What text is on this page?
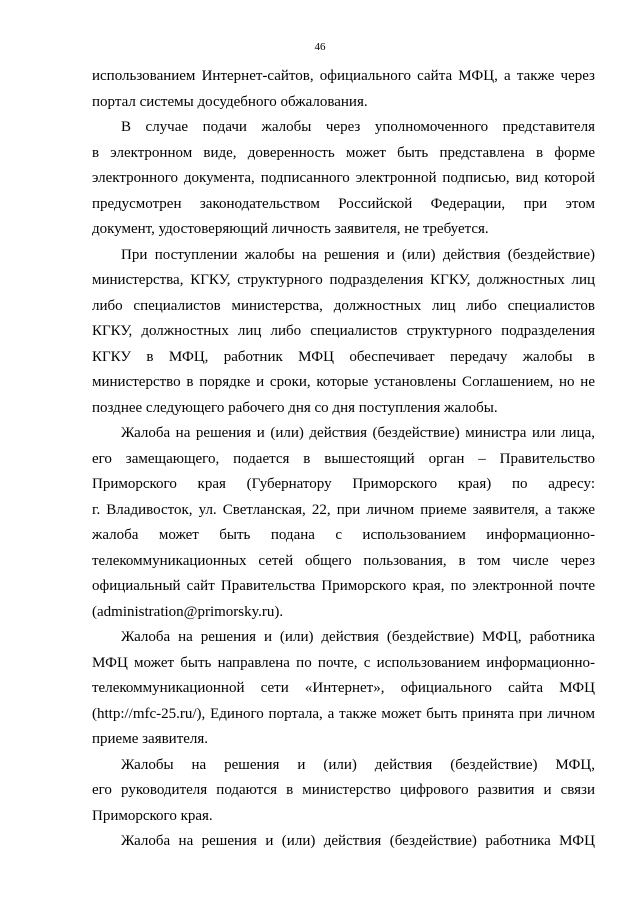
46
использованием Интернет-сайтов, официального сайта МФЦ, а также через
портал системы досудебного обжалования.
В случае подачи жалобы через уполномоченного представителя
в электронном виде, доверенность может быть представлена в форме
электронного документа, подписанного электронной подписью, вид которой
предусмотрен законодательством Российской Федерации, при этом
документ, удостоверяющий личность заявителя, не требуется.
При поступлении жалобы на решения и (или) действия (бездействие)
министерства, КГКУ, структурного подразделения КГКУ, должностных лиц
либо специалистов министерства, должностных лиц либо специалистов
КГКУ, должностных лиц либо специалистов структурного подразделения
КГКУ в МФЦ, работник МФЦ обеспечивает передачу жалобы в
министерство в порядке и сроки, которые установлены Соглашением, но не
позднее следующего рабочего дня со дня поступления жалобы.
Жалоба на решения и (или) действия (бездействие) министра или лица,
его замещающего, подается в вышестоящий орган – Правительство
Приморского края (Губернатору Приморского края) по адресу:
г. Владивосток, ул. Светланская, 22, при личном приеме заявителя, а также
жалоба может быть подана с использованием информационно-
телекоммуникационных сетей общего пользования, в том числе через
официальный сайт Правительства Приморского края, по электронной почте
(administration@primorsky.ru).
Жалоба на решения и (или) действия (бездействие) МФЦ, работника
МФЦ может быть направлена по почте, с использованием информационно-
телекоммуникационной сети «Интернет», официального сайта МФЦ
(http://mfc-25.ru/), Единого портала, а также может быть принята при личном
приеме заявителя.
Жалобы на решения и (или) действия (бездействие) МФЦ,
его руководителя подаются в министерство цифрового развития и связи
Приморского края.
Жалоба на решения и (или) действия (бездействие) работника МФЦ
